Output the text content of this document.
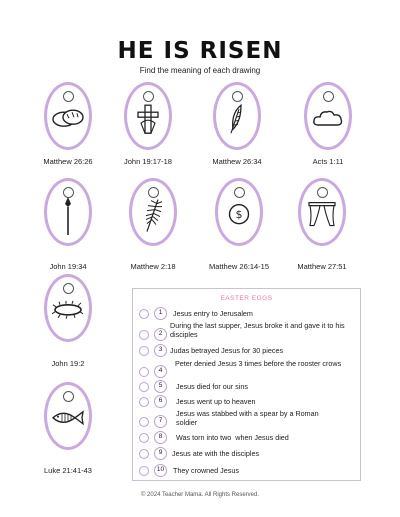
HE IS RISEN
Find the meaning of each drawing
Matthew 26:26	John 19:17-18	Matthew 26:34	Acts 1:11
John 19:34	Matthew 2:18
$
Matthew 26:14-15	Matthew 27:51
John 19:2
Luke 21:41-43
EASTER EGGS
1	Jesus entry to Jerusalem
2
During the last supper, Jesus broke it and gave it to his disciples
3	Judas betrayed Jesus for 30 pieces
4
Peter denied Jesus 3 times before the rooster crows
5	Jesus died for our sins
6	Jesus went up to heaven
7
Jesus was stabbed with a spear by a Roman soldier
8	Was torn into two  when Jesus died
9	Jesus ate with the disciples
10	They crowned Jesus
© 2024 Teacher Mama. All Rights Reserved.
